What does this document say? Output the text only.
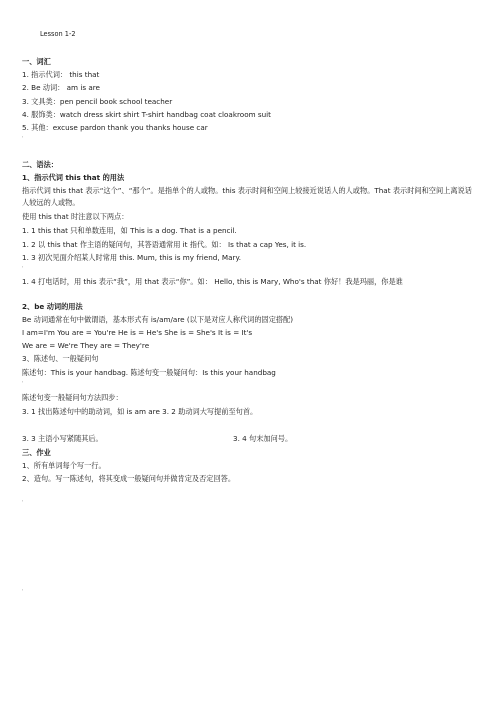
Lesson 1-2
一、词汇
1. 指示代词： this that
2. Be 动词： am is are
3. 文具类：pen pencil book school teacher
4. 服饰类：watch dress skirt shirt T-shirt handbag coat cloakroom suit
5. 其他：excuse pardon thank you thanks house car
'
二、语法：
1、指示代词 this that 的用法
指示代词 this that 表示“这个”、“那个”。是指单个的人或物。this 表示时间和空间上较接近说话人的人或物。That 表示时间和空间上离说话人较远的人或物。
使用 this that 时注意以下两点：
1. 1 this that 只和单数连用，如 This is a dog. That is a pencil.
1. 2 以 this that 作主语的疑问句，其答语通常用 it 指代。如： Is that a cap Yes, it is.
1. 3 初次见面介绍某人时常用 this. Mum, this is my friend, Mary.
'
1. 4 打电话时，用 this 表示“我”，用 that 表示“你”。如： Hello, this is Mary, Who's that 你好！我是玛丽，你是谁
2、be 动词的用法
Be 动词通常在句中做谓语，基本形式有 is/am/are (以下是对应人称代词的固定搭配)
I am=I'm You are = You're He is = He's She is = She's It is = It's
We are = We're They are = They're
3、陈述句、一般疑问句
陈述句：This is your handbag. 陈述句变一般疑问句：Is this your handbag
'
陈述句变一般疑问句方法四步：
3. 1 找出陈述句中的助动词，如 is am are 3. 2 助动词大写提前至句首。
3. 3 主语小写紧随其后。	3. 4 句末加问号。
三、作业
1、所有单词每个写一行。
2、造句。写一陈述句，将其变成一般疑问句并做肯定及否定回答。
'
'
